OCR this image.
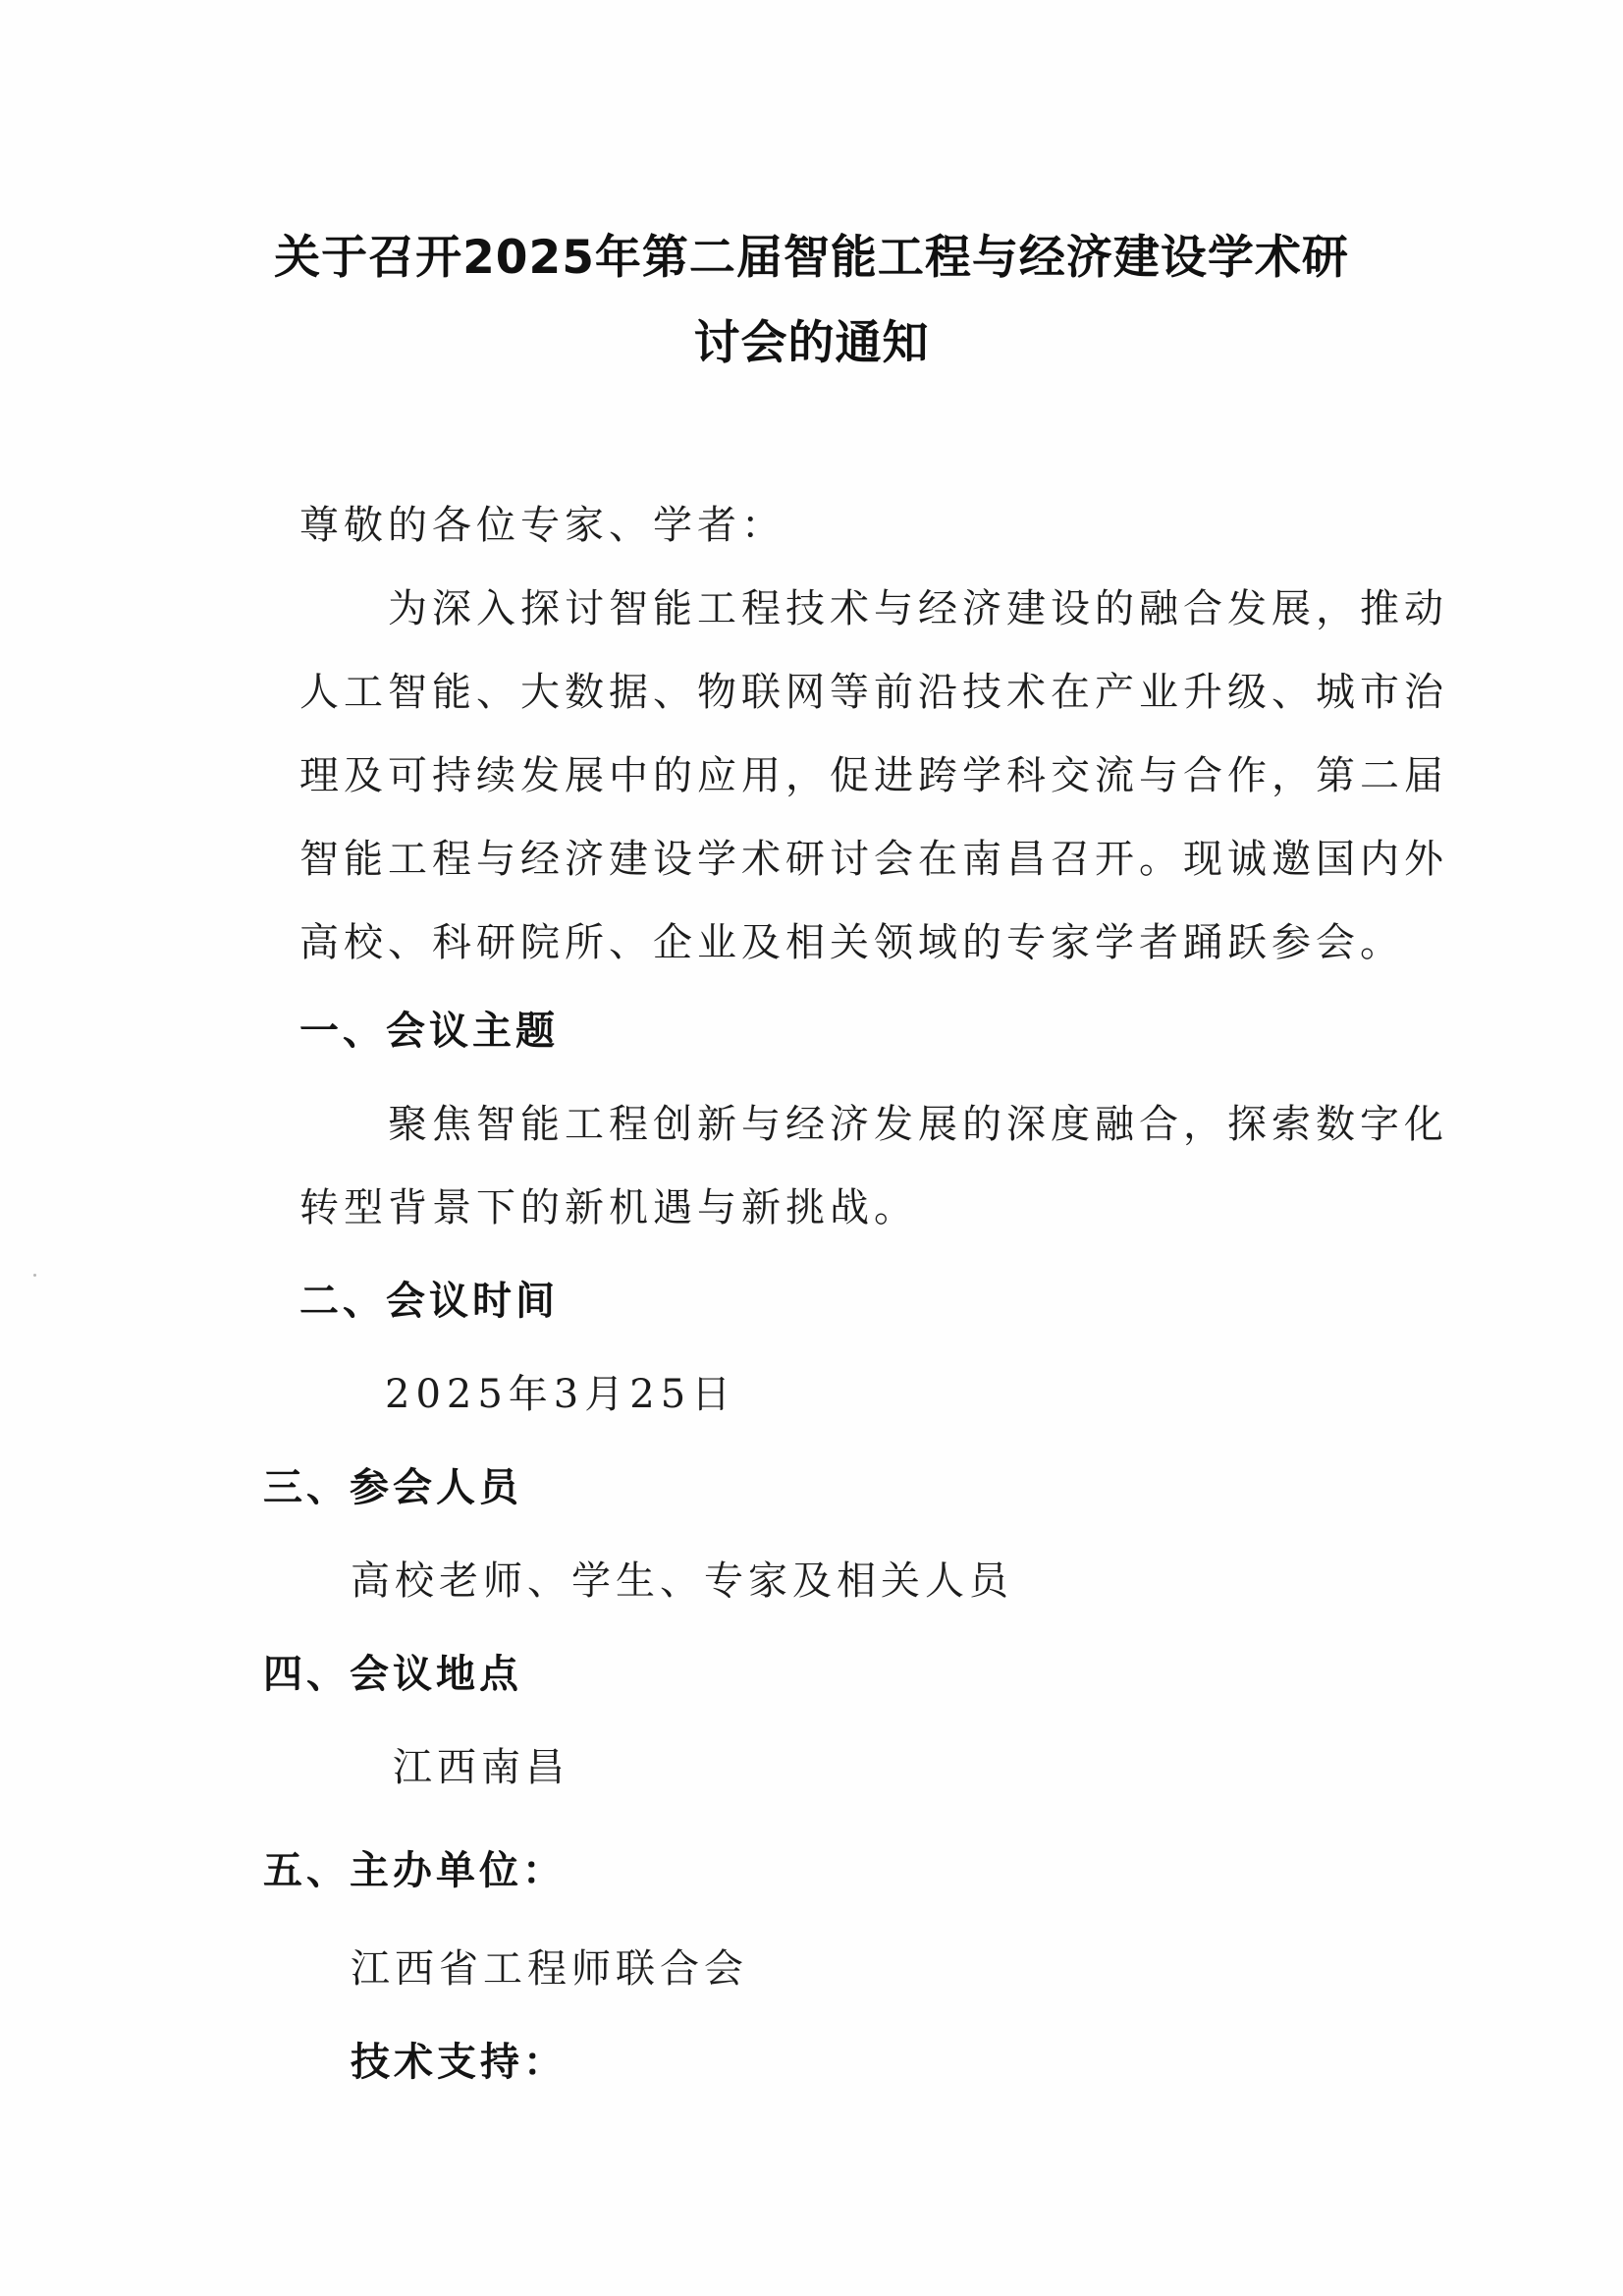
关于召开2025年第二届智能工程与经济建设学术研
讨会的通知
尊敬的各位专家、学者：
为深入探讨智能工程技术与经济建设的融合发展，推动
人工智能、大数据、物联网等前沿技术在产业升级、城市治
理及可持续发展中的应用，促进跨学科交流与合作，第二届
智能工程与经济建设学术研讨会在南昌召开。现诚邀国内外
高校、科研院所、企业及相关领域的专家学者踊跃参会。
一、会议主题
聚焦智能工程创新与经济发展的深度融合，探索数字化
转型背景下的新机遇与新挑战。
二、会议时间
2025年3月25日
三、参会人员
高校老师、学生、专家及相关人员
四、会议地点
江西南昌
五、主办单位：
江西省工程师联合会
技术支持：
